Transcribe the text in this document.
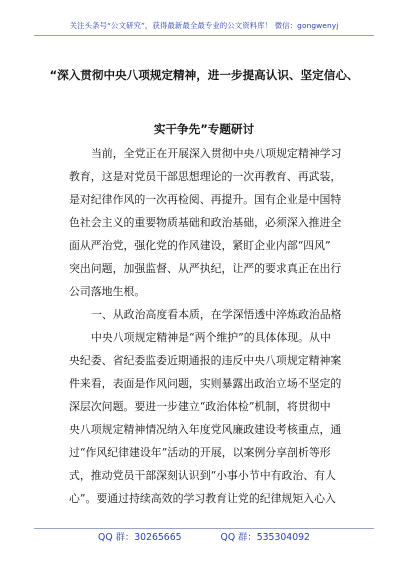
关注头条号“公文研究”，获得最新最全最专业的公文资料库！ 微信：gongwenyj
“深入贯彻中央八项规定精神，进一步提高认识、坚定信心、
实干争先”专题研讨
当前，全党正在开展深入贯彻中央八项规定精神学习
教育，这是对党员干部思想理论的一次再教育、再武装，
是对纪律作风的一次再检阅、再提升。国有企业是中国特
色社会主义的重要物质基础和政治基础，必须深入推进全
面从严治党，强化党的作风建设，紧盯企业内部“四风”
突出问题，加强监督、从严执纪，让严的要求真正在出行
公司落地生根。
一、从政治高度看本质，在学深悟透中淬炼政治品格
中央八项规定精神是“两个维护”的具体体现。从中
央纪委、省纪委监委近期通报的违反中央八项规定精神案
件来看，表面是作风问题，实则暴露出政治立场不坚定的
深层次问题。要进一步建立“政治体检”机制，将贯彻中
央八项规定精神情况纳入年度党风廉政建设考核重点，通
过“作风纪律建设年”活动的开展，以案例分享剖析等形
式，推动党员干部深刻认识到“小事小节中有政治、有人
心”。要通过持续高效的学习教育让党的纪律规矩入心入
QQ 群：30265665	QQ 群：535304092
